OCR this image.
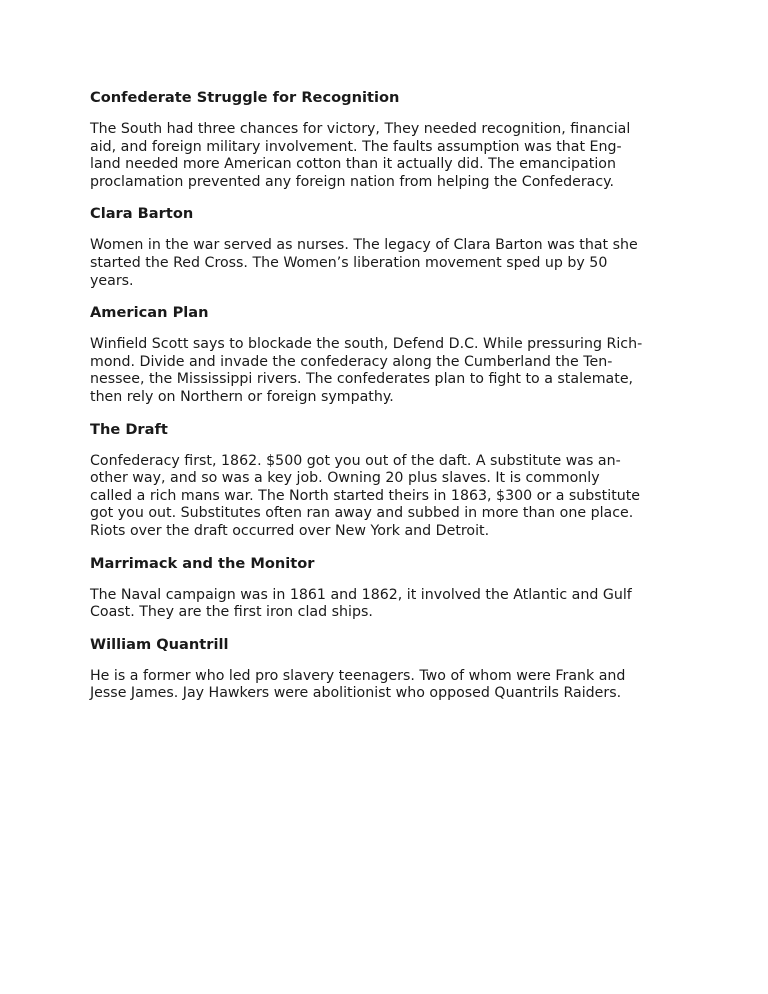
Confederate Struggle for Recognition
The South had three chances for victory, They needed recognition, financial
aid, and foreign military involvement. The faults assumption was that Eng-
land needed more American cotton than it actually did. The emancipation
proclamation prevented any foreign nation from helping the Confederacy.
Clara Barton
Women in the war served as nurses. The legacy of Clara Barton was that she
started the Red Cross. The Women’s liberation movement sped up by 50
years.
American Plan
Winfield Scott says to blockade the south, Defend D.C. While pressuring Rich-
mond. Divide and invade the confederacy along the Cumberland the Ten-
nessee, the Mississippi rivers. The confederates plan to fight to a stalemate,
then rely on Northern or foreign sympathy.
The Draft
Confederacy first, 1862. $500 got you out of the daft. A substitute was an-
other way, and so was a key job. Owning 20 plus slaves. It is commonly
called a rich mans war. The North started theirs in 1863, $300 or a substitute
got you out. Substitutes often ran away and subbed in more than one place.
Riots over the draft occurred over New York and Detroit.
Marrimack and the Monitor
The Naval campaign was in 1861 and 1862, it involved the Atlantic and Gulf
Coast. They are the first iron clad ships.
William Quantrill
He is a former who led pro slavery teenagers. Two of whom were Frank and
Jesse James. Jay Hawkers were abolitionist who opposed Quantrils Raiders.
